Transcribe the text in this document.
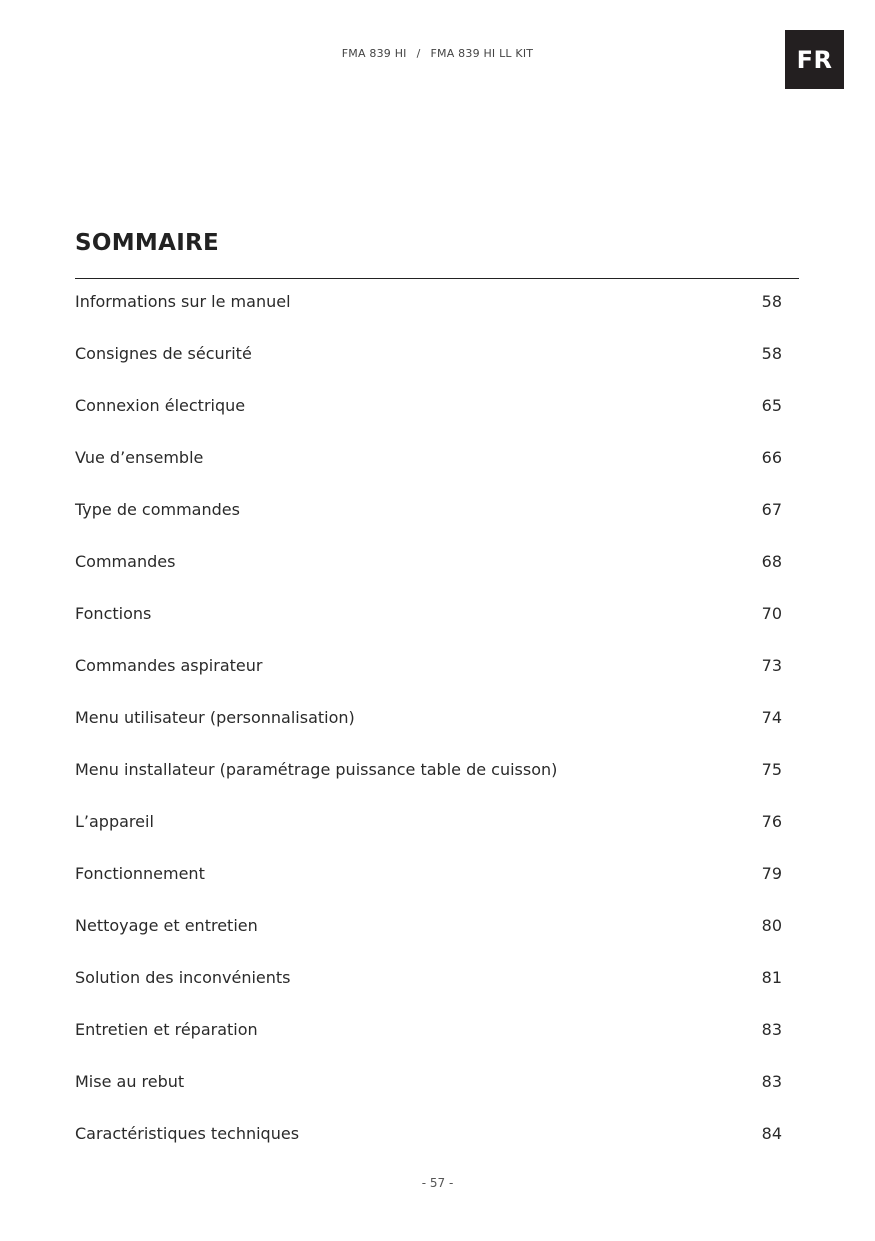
FMA 839 HI / FMA 839 HI LL KIT	FR
SOMMAIRE
Informations sur le manuel	58
Consignes de sécurité	58
Connexion électrique	65
Vue d’ensemble	66
Type de commandes	67
Commandes	68
Fonctions	70
Commandes aspirateur	73
Menu utilisateur (personnalisation)	74
Menu installateur (paramétrage puissance table de cuisson)	75
L’appareil	76
Fonctionnement	79
Nettoyage et entretien	80
Solution des inconvénients	81
Entretien et réparation	83
Mise au rebut	83
Caractéristiques techniques	84
- 57 -
